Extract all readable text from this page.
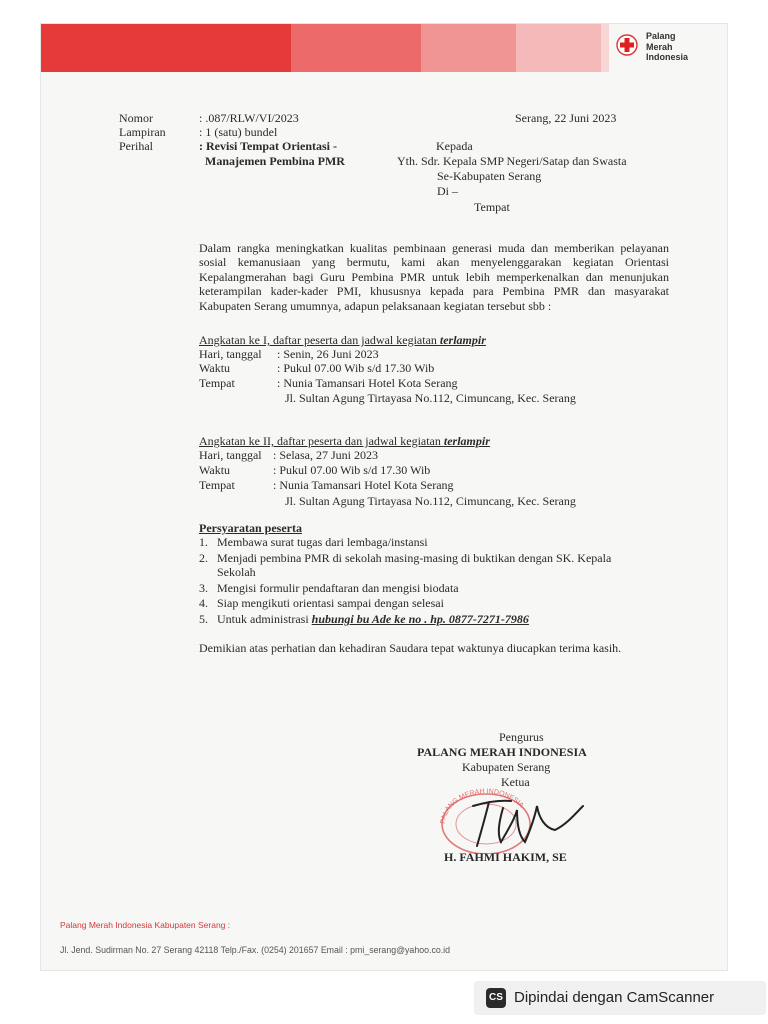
Palang
Merah
Indonesia
Nomor	: .087/RLW/VI/2023
Lampiran	: 1 (satu) bundel
Perihal	: Revisi Tempat Orientasi -
Manajemen Pembina PMR
Serang, 22 Juni 2023
Kepada
Yth. Sdr. Kepala SMP Negeri/Satap dan Swasta
Se-Kabupaten Serang
Di –
Tempat
Dalam rangka meningkatkan kualitas pembinaan generasi muda dan memberikan pelayanan sosial kemanusiaan yang bermutu, kami akan menyelenggarakan kegiatan Orientasi Kepalangmerahan bagi Guru Pembina PMR untuk lebih memperkenalkan dan menunjukan keterampilan kader-kader PMI, khususnya kepada para Pembina PMR dan masyarakat Kabupaten Serang umumnya, adapun pelaksanaan kegiatan tersebut sbb :
Angkatan ke I, daftar peserta dan jadwal kegiatan terlampir
Hari, tanggal : Senin, 26 Juni 2023
Waktu	: Pukul 07.00 Wib s/d 17.30 Wib
Tempat	: Nunia Tamansari Hotel Kota Serang
Jl. Sultan Agung Tirtayasa No.112, Cimuncang, Kec. Serang
Angkatan ke II, daftar peserta dan jadwal kegiatan terlampir
Hari, tanggal : Selasa, 27 Juni 2023
Waktu	: Pukul 07.00 Wib s/d 17.30 Wib
Tempat	: Nunia Tamansari Hotel Kota Serang
Jl. Sultan Agung Tirtayasa No.112, Cimuncang, Kec. Serang
Persyaratan peserta
1. Membawa surat tugas dari lembaga/instansi
2. Menjadi pembina PMR di sekolah masing-masing di buktikan dengan SK. Kepala
Sekolah
3. Mengisi formulir pendaftaran dan mengisi biodata
4. Siap mengikuti orientasi sampai dengan selesai
5. Untuk administrasi hubungi bu Ade ke no . hp. 0877-7271-7986
Demikian atas perhatian dan kehadiran Saudara tepat waktunya diucapkan terima kasih.
Pengurus
PALANG MERAH INDONESIA
Kabupaten Serang
Ketua
PALANG MERAH INDONESIA
H. FAHMI HAKIM, SE
Palang Merah Indonesia Kabupaten Serang :
Jl. Jend. Sudirman No. 27 Serang 42118 Telp./Fax. (0254) 201657 Email : pmi_serang@yahoo.co.id
CS Dipindai dengan CamScanner
